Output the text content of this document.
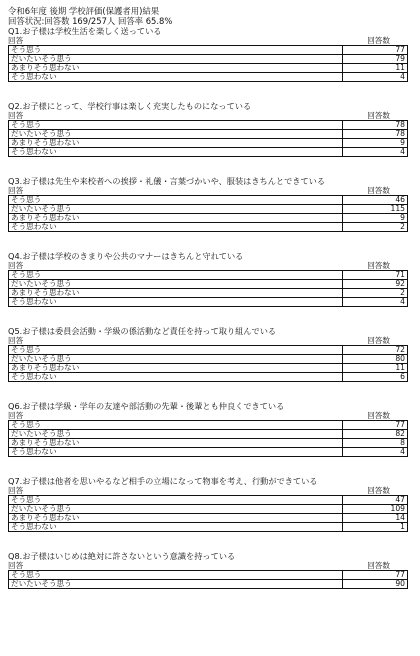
令和6年度 後期 学校評価(保護者用)結果
回答状況:回答数 169/257人 回答率 65.8%
Q1.お子様は学校生活を楽しく送っている
回答	回答数
そう思う	77
だいたいそう思う	79
あまりそう思わない	11
そう思わない	4
Q2.お子様にとって、学校行事は楽しく充実したものになっている
回答	回答数
そう思う	78
だいたいそう思う	78
あまりそう思わない	9
そう思わない	4
Q3.お子様は先生や来校者への挨拶・礼儀・言葉づかいや、服装はきちんとできている
回答	回答数
そう思う	46
だいたいそう思う	115
あまりそう思わない	9
そう思わない	2
Q4.お子様は学校のきまりや公共のマナーはきちんと守れている
回答	回答数
そう思う	71
だいたいそう思う	92
あまりそう思わない	2
そう思わない	4
Q5.お子様は委員会活動・学級の係活動など責任を持って取り組んでいる
回答	回答数
そう思う	72
だいたいそう思う	80
あまりそう思わない	11
そう思わない	6
Q6.お子様は学級・学年の友達や部活動の先輩・後輩とも仲良くできている
回答	回答数
そう思う	77
だいたいそう思う	82
あまりそう思わない	8
そう思わない	4
Q7.お子様は他者を思いやるなど相手の立場になって物事を考え、行動ができている
回答	回答数
そう思う	47
だいたいそう思う	109
あまりそう思わない	14
そう思わない	1
Q8.お子様はいじめは絶対に許さないという意識を持っている
回答	回答数
そう思う	77
だいたいそう思う	90
